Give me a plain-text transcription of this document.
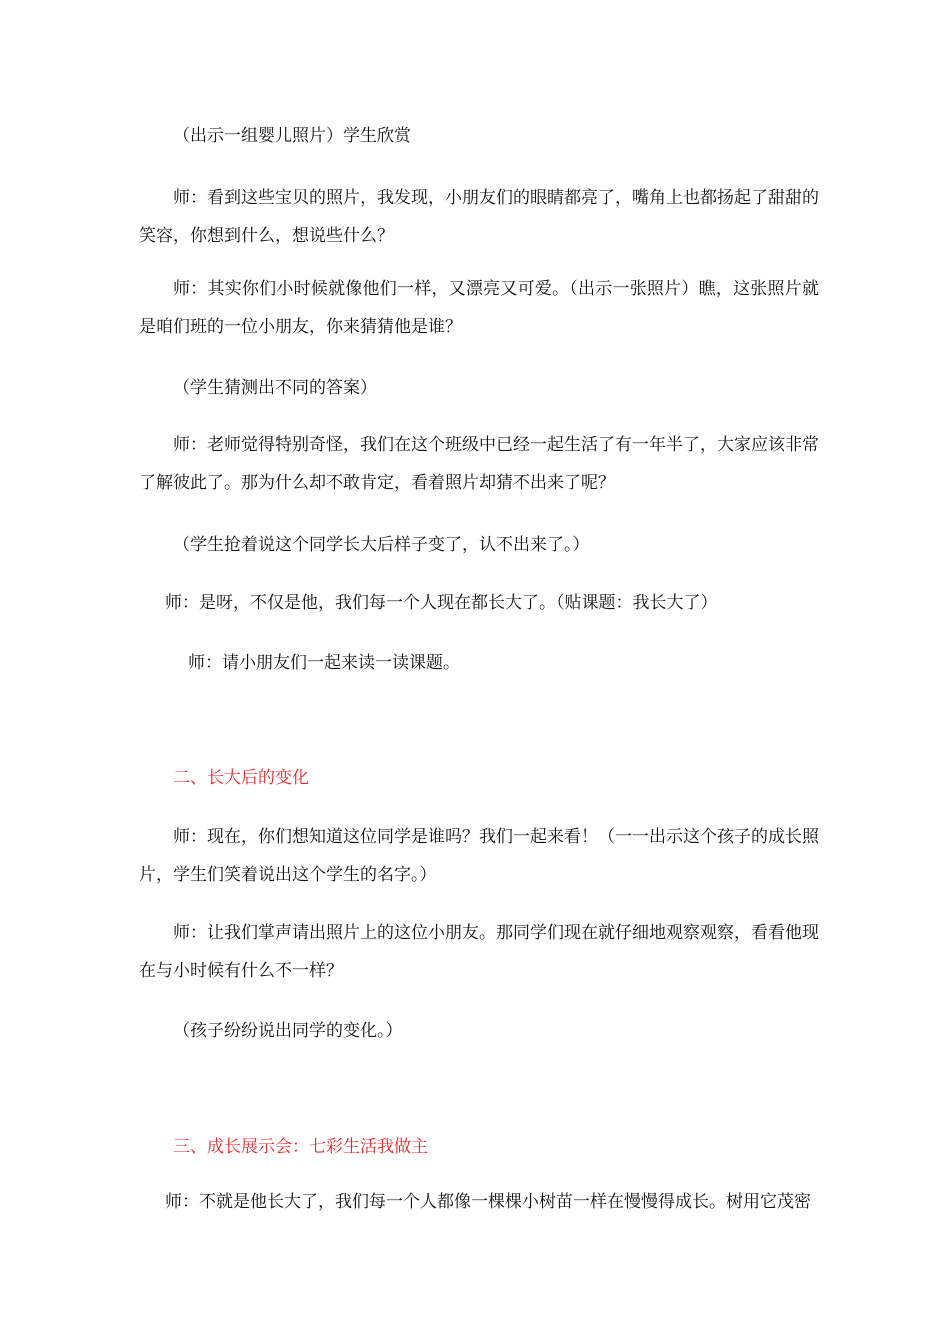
（出示一组婴儿照片）学生欣赏

师：看到这些宝贝的照片，我发现，小朋友们的眼睛都亮了，嘴角上也都扬起了甜甜的笑容，你想到什么，想说些什么？

师：其实你们小时候就像他们一样，又漂亮又可爱。（出示一张照片）瞧，这张照片就是咱们班的一位小朋友，你来猜猜他是谁？

（学生猜测出不同的答案）

师：老师觉得特别奇怪，我们在这个班级中已经一起生活了有一年半了，大家应该非常了解彼此了。那为什么却不敢肯定，看着照片却猜不出来了呢？

（学生抢着说这个同学长大后样子变了，认不出来了。）

师：是呀，不仅是他，我们每一个人现在都长大了。（贴课题：我长大了）

师：请小朋友们一起来读一读课题。

二、长大后的变化

师：现在，你们想知道这位同学是谁吗？我们一起来看！（一一出示这个孩子的成长照片，学生们笑着说出这个学生的名字。）

师：让我们掌声请出照片上的这位小朋友。那同学们现在就仔细地观察观察，看看他现在与小时候有什么不一样？

（孩子纷纷说出同学的变化。）

三、成长展示会：七彩生活我做主

师：不就是他长大了，我们每一个人都像一棵棵小树苗一样在慢慢得成长。树用它茂密
